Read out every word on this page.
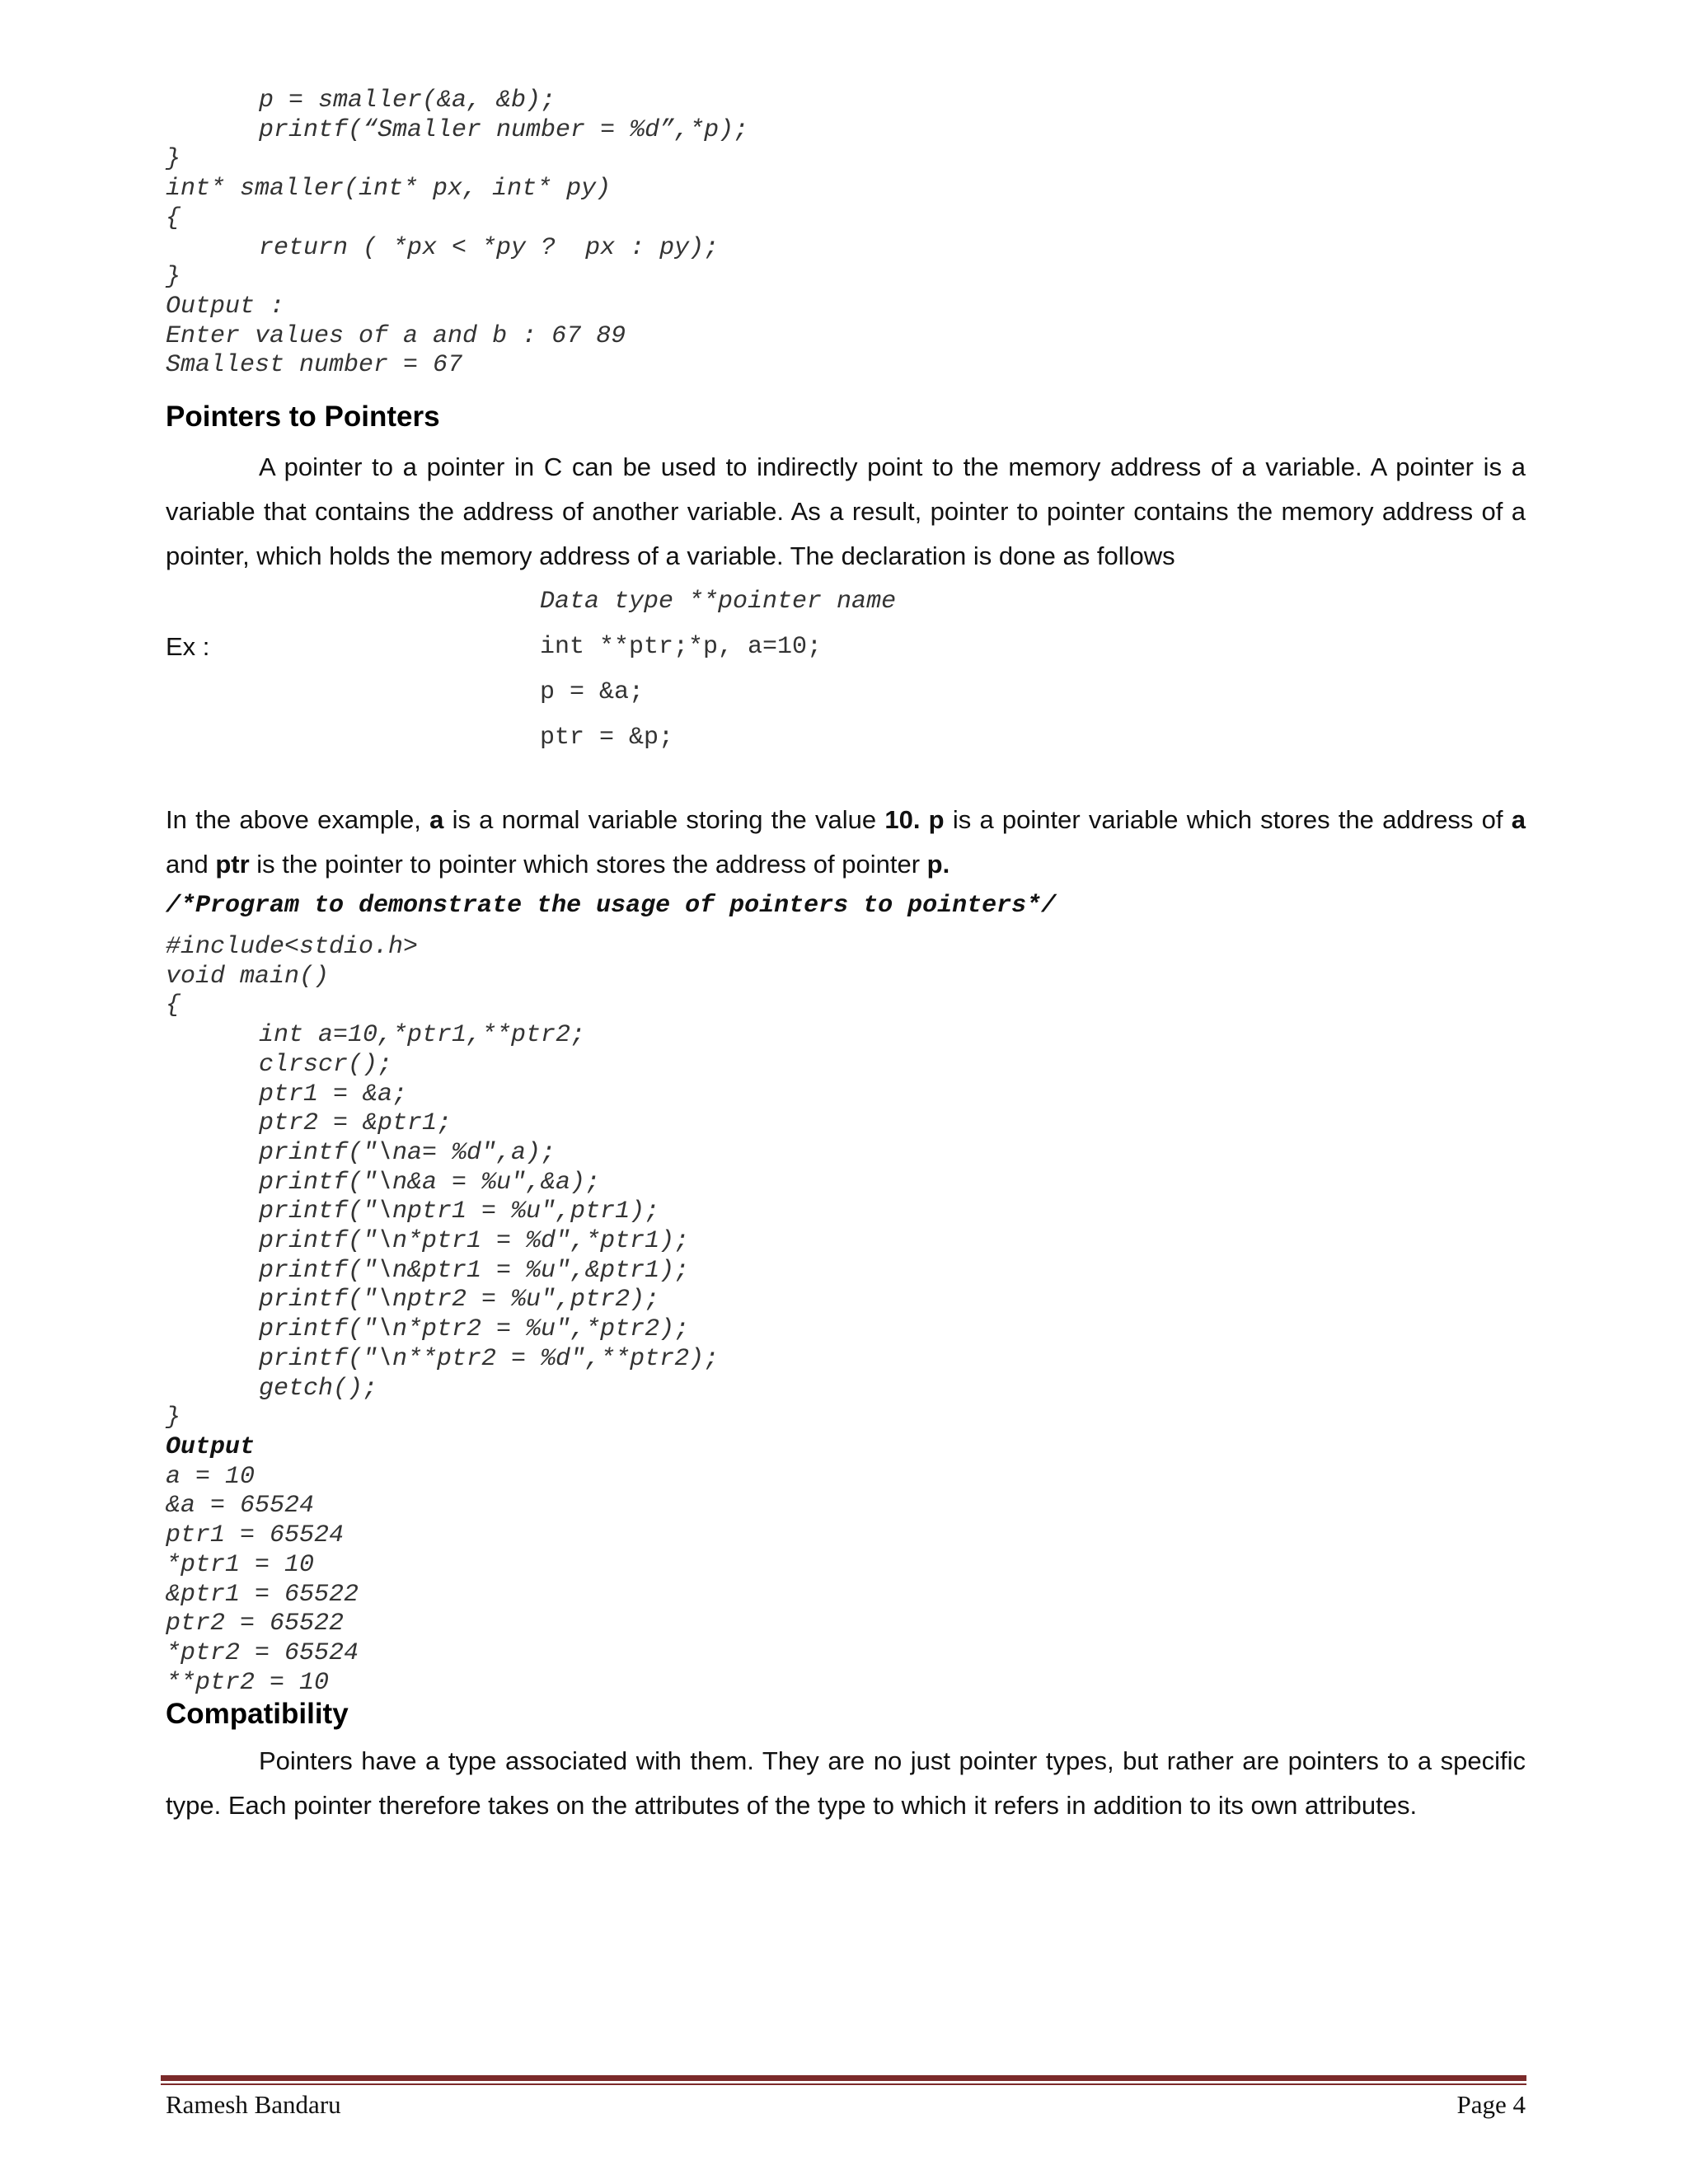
p = smaller(&a, &b);
printf(“Smaller number = %d”,*p);
}
int* smaller(int* px, int* py)
{
return ( *px < *py ?  px : py);
}
Output :
Enter values of a and b : 67 89
Smallest number = 67
Pointers to Pointers

A pointer to a pointer in C can be used to indirectly point to the memory address of a variable. A pointer is a variable that contains the address of another variable. As a result, pointer to pointer contains the memory address of a pointer, which holds the memory address of a variable. The declaration is done as follows

Data type **pointer name
Ex :	int **ptr;*p, a=10;
p = &a;
ptr = &p;

In the above example, a is a normal variable storing the value 10. p is a pointer variable which stores the address of a and ptr is the pointer to pointer which stores the address of pointer p.

/*Program to demonstrate the usage of pointers to pointers*/
#include<stdio.h>
void main()
{
int a=10,*ptr1,**ptr2;
clrscr();
ptr1 = &a;
ptr2 = &ptr1;
printf("\na= %d",a);
printf("\n&a = %u",&a);
printf("\nptr1 = %u",ptr1);
printf("\n*ptr1 = %d",*ptr1);
printf("\n&ptr1 = %u",&ptr1);
printf("\nptr2 = %u",ptr2);
printf("\n*ptr2 = %u",*ptr2);
printf("\n**ptr2 = %d",**ptr2);
getch();
}
Output
a = 10
&a = 65524
ptr1 = 65524
*ptr1 = 10
&ptr1 = 65522
ptr2 = 65522
*ptr2 = 65524
**ptr2 = 10
Compatibility

Pointers have a type associated with them. They are no just pointer types, but rather are pointers to a specific type. Each pointer therefore takes on the attributes of the type to which it refers in addition to its own attributes.

Ramesh Bandaru	Page 4
